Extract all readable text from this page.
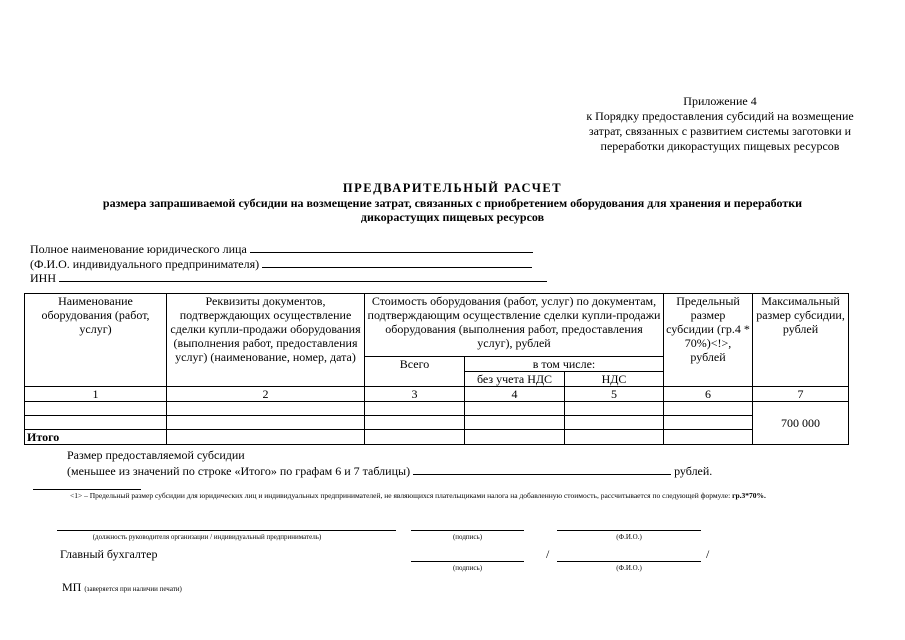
Приложение 4
к Порядку предоставления субсидий на возмещение
затрат, связанных с развитием системы заготовки и
переработки дикорастущих пищевых ресурсов
ПРЕДВАРИТЕЛЬНЫЙ РАСЧЕТ
размера запрашиваемой субсидии на возмещение затрат, связанных с приобретением оборудования для хранения и переработки
дикорастущих пищевых ресурсов
Полное наименование юридического лица
(Ф.И.О. индивидуального предпринимателя)
ИНН
Наименование оборудования (работ, услуг)	Реквизиты документов, подтверждающих осуществление сделки купли-продажи оборудования (выполнения работ, предоставления услуг) (наименование, номер, дата)	Стоимость оборудования (работ, услуг) по документам, подтверждающим осуществление сделки купли-продажи оборудования (выполнения работ, предоставления услуг), рублей			Предельный размер субсидии (гр.4 * 70%)<!>, рублей	Максимальный размер субсидии, рублей
		Всего	в том числе:			
			без учета НДС	НДС		
1	2	3	4	5	6	7
						700 000

Итого						
Размер предоставляемой субсидии
(меньшее из значений по строке «Итого» по графам 6 и 7 таблицы)	рублей.
<1> – Предельный размер субсидии для юридических лиц и индивидуальных предпринимателей, не являющихся плательщиками налога на добавленную стоимость, рассчитывается по следующей формуле: гр.3*70%.
(должность руководителя организации / индивидуальный предприниматель)	(подпись)	(Ф.И.О.)
Главный бухгалтер
(подпись)
/
(Ф.И.О.)
/
МП (заверяется при наличии печати)
